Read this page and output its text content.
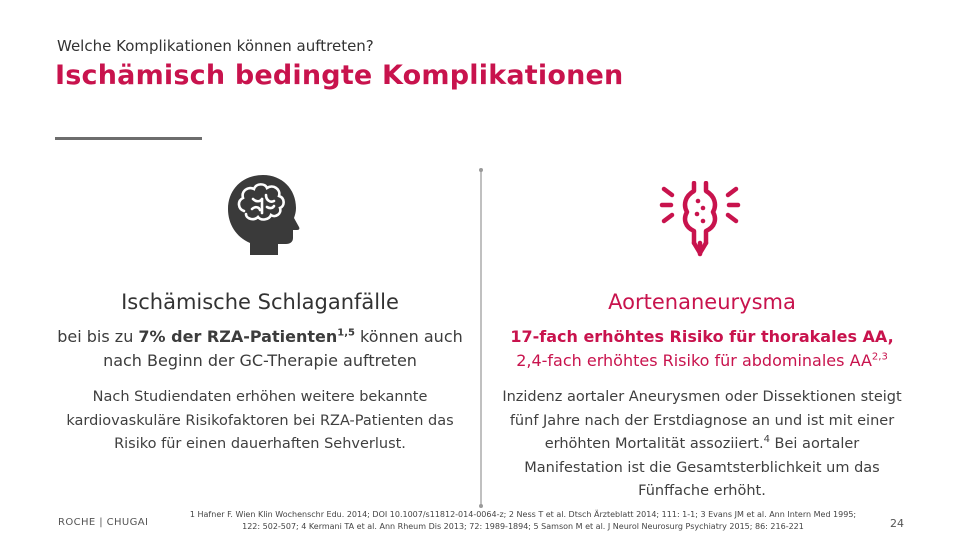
Welche Komplikationen können auftreten?
Ischämisch bedingte Komplikationen
Ischämische Schlaganfälle
bei bis zu 7% der RZA-Patienten$^{1,5}$ können auch
nach Beginn der GC-Therapie auftreten
Nach Studiendaten erhöhen weitere bekannte
kardiovaskuläre Risikofaktoren bei RZA-Patienten das
Risiko für einen dauerhaften Sehverlust.
Aortenaneurysma
17-fach erhöhtes Risiko für thorakales AA,
2,4-fach erhöhtes Risiko für abdominales AA$^{2,3}$
Inzidenz aortaler Aneurysmen oder Dissektionen steigt
fünf Jahre nach der Erstdiagnose an und ist mit einer
erhöhten Mortalität assoziiert.$^4$ Bei aortaler
Manifestation ist die Gesamtsterblichkeit um das
Fünffache erhöht.
ROCHE | CHUGAI
1 Hafner F. Wien Klin Wochenschr Edu. 2014; DOI 10.1007/s11812-014-0064-z; 2 Ness T et al. Dtsch Ärzteblatt 2014; 111: 1-1; 3 Evans JM et al. Ann Intern Med 1995;
122: 502-507; 4 Kermani TA et al. Ann Rheum Dis 2013; 72: 1989-1894; 5 Samson M et al. J Neurol Neurosurg Psychiatry 2015; 86: 216-221	24
